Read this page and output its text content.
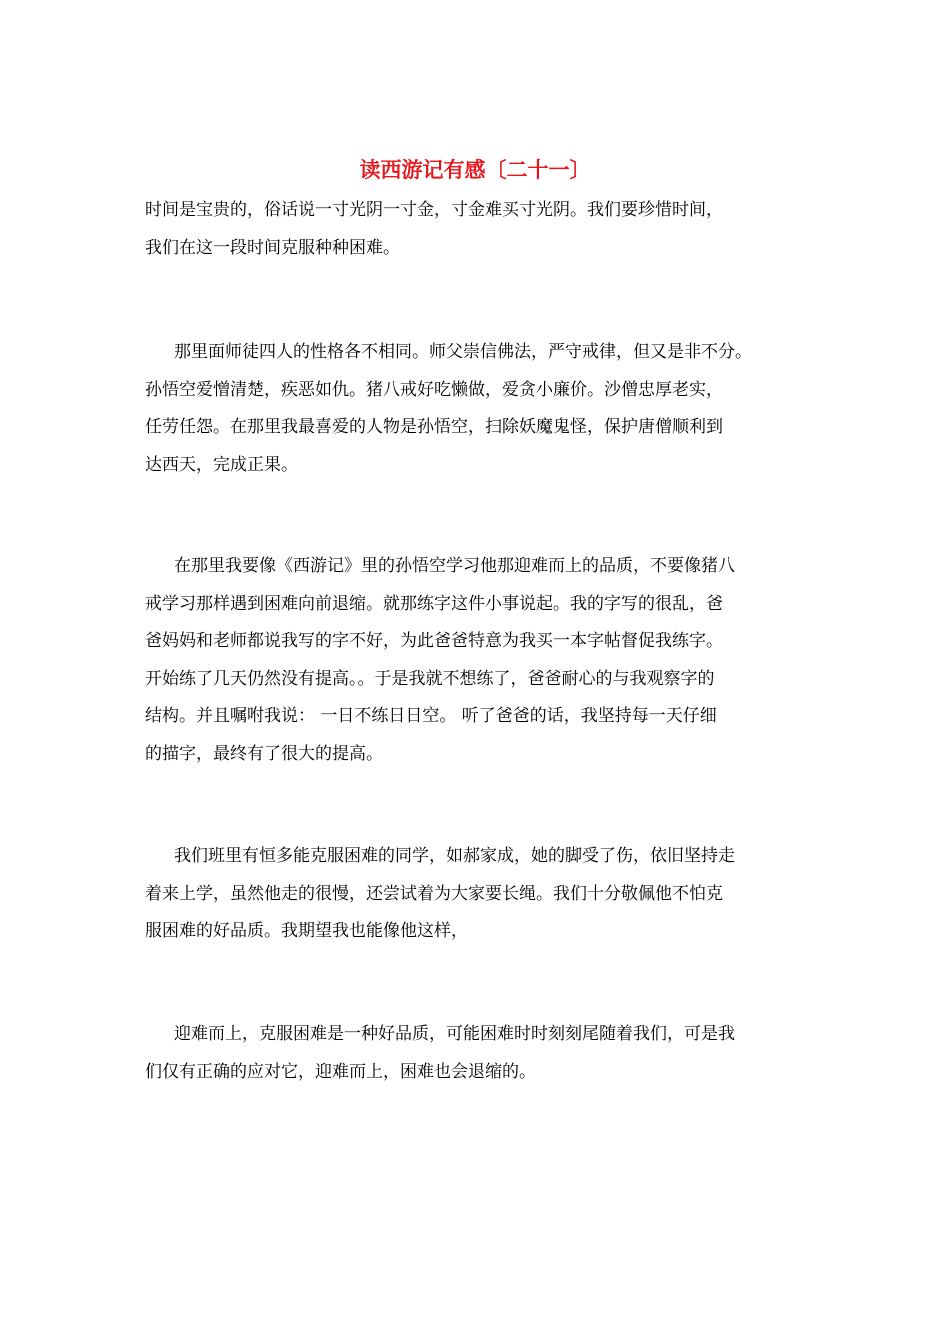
读西游记有感〔二十一〕
时间是宝贵的，俗话说一寸光阴一寸金，寸金难买寸光阴。我们要珍惜时间，
我们在这一段时间克服种种困难。
那里面师徒四人的性格各不相同。师父崇信佛法，严守戒律，但又是非不分。
孙悟空爱憎清楚，疾恶如仇。猪八戒好吃懒做，爱贪小廉价。沙僧忠厚老实，
任劳任怨。在那里我最喜爱的人物是孙悟空，扫除妖魔鬼怪，保护唐僧顺利到
达西天，完成正果。
在那里我要像《西游记》里的孙悟空学习他那迎难而上的品质，不要像猪八
戒学习那样遇到困难向前退缩。就那练字这件小事说起。我的字写的很乱，爸
爸妈妈和老师都说我写的字不好，为此爸爸特意为我买一本字帖督促我练字。
开始练了几天仍然没有提高。。于是我就不想练了，爸爸耐心的与我观察字的
结构。并且嘱咐我说： 一日不练日日空。 听了爸爸的话，我坚持每一天仔细
的描字，最终有了很大的提高。
我们班里有恒多能克服困难的同学，如郝家成，她的脚受了伤，依旧坚持走
着来上学，虽然他走的很慢，还尝试着为大家要长绳。我们十分敬佩他不怕克
服困难的好品质。我期望我也能像他这样，
迎难而上，克服困难是一种好品质，可能困难时时刻刻尾随着我们，可是我
们仅有正确的应对它，迎难而上，困难也会退缩的。
